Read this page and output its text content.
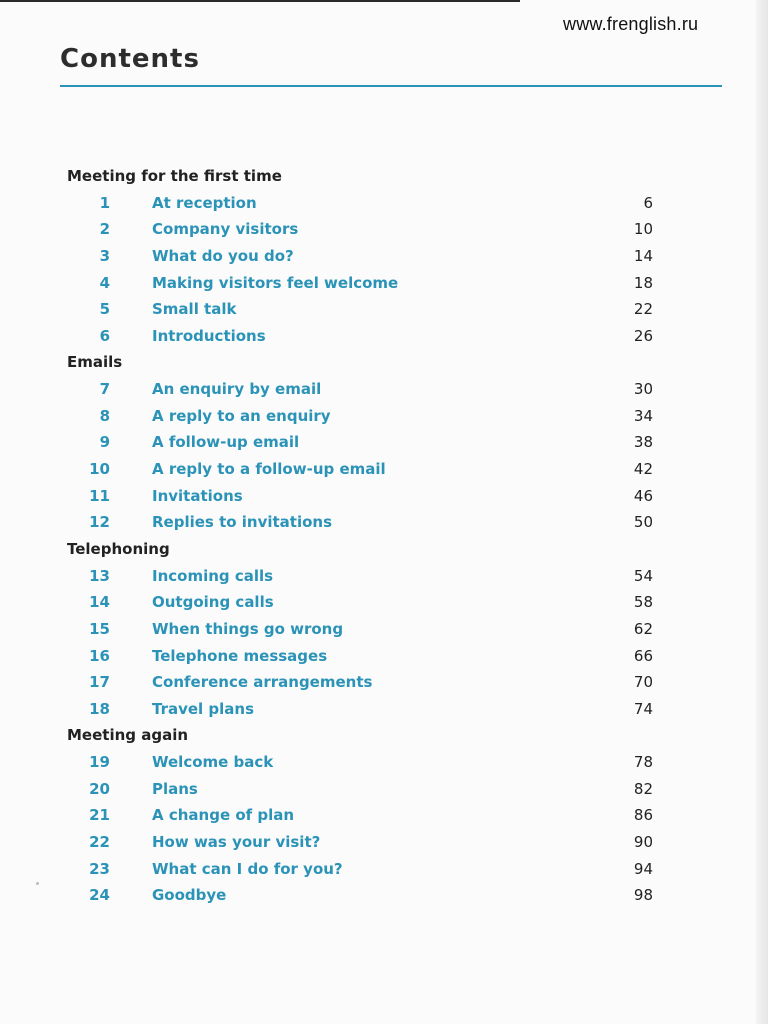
www.frenglish.ru
Contents
Meeting for the first time
1	At reception	6
2	Company visitors	10
3	What do you do?	14
4	Making visitors feel welcome	18
5	Small talk	22
6	Introductions	26
Emails
7	An enquiry by email	30
8	A reply to an enquiry	34
9	A follow-up email	38
10	A reply to a follow-up email	42
11	Invitations	46
12	Replies to invitations	50
Telephoning
13	Incoming calls	54
14	Outgoing calls	58
15	When things go wrong	62
16	Telephone messages	66
17	Conference arrangements	70
18	Travel plans	74
Meeting again
19	Welcome back	78
20	Plans	82
21	A change of plan	86
22	How was your visit?	90
23	What can I do for you?	94
24	Goodbye	98
